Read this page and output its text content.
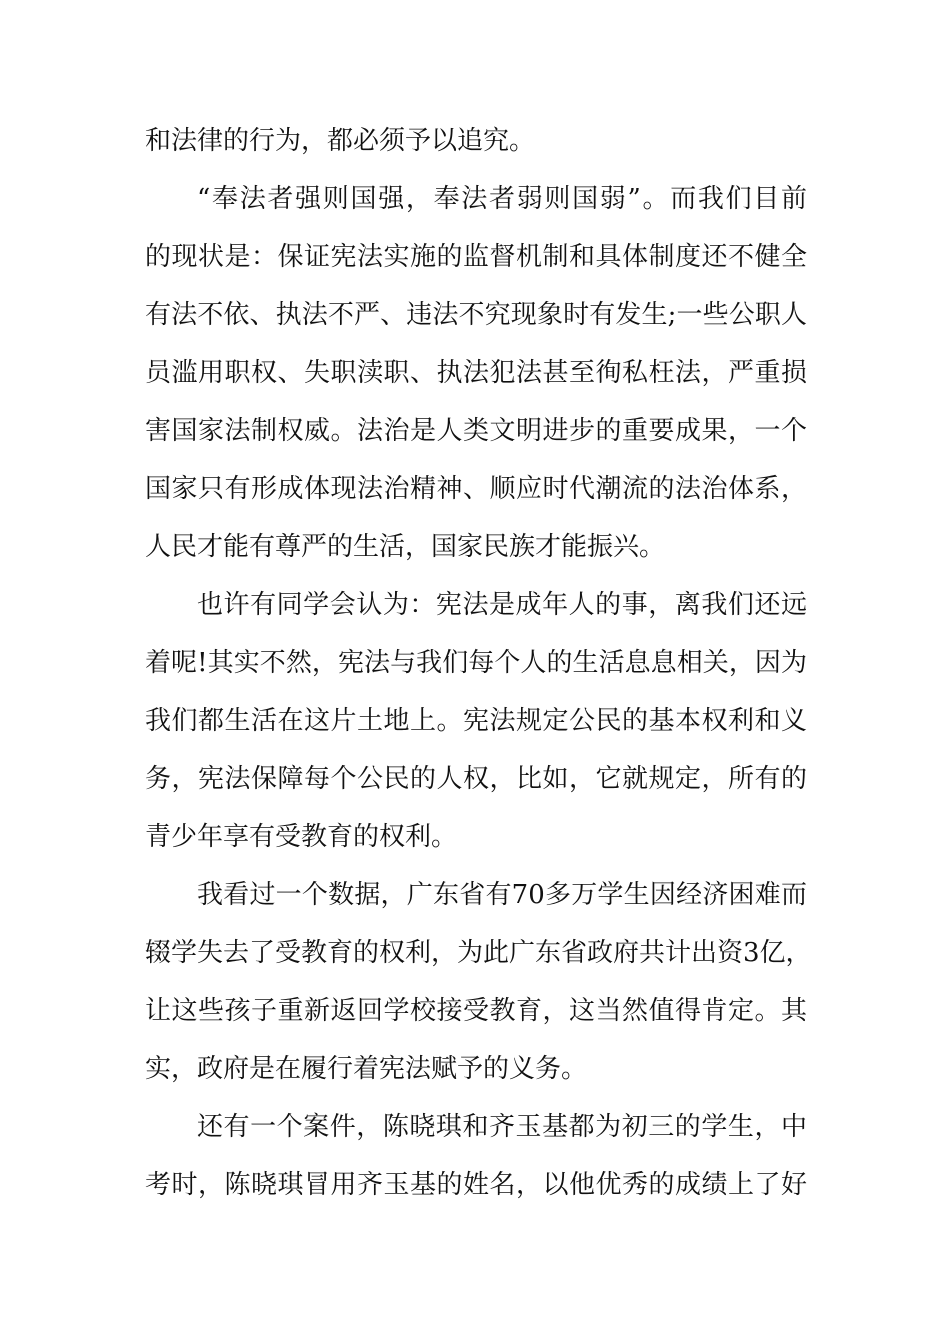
和法律的行为，都必须予以追究。
“奉法者强则国强，奉法者弱则国弱”。而我们目前
的现状是：保证宪法实施的监督机制和具体制度还不健全
有法不依、执法不严、违法不究现象时有发生;一些公职人
员滥用职权、失职渎职、执法犯法甚至徇私枉法，严重损
害国家法制权威。法治是人类文明进步的重要成果，一个
国家只有形成体现法治精神、顺应时代潮流的法治体系，
人民才能有尊严的生活，国家民族才能振兴。
也许有同学会认为：宪法是成年人的事，离我们还远
着呢!其实不然，宪法与我们每个人的生活息息相关，因为
我们都生活在这片土地上。宪法规定公民的基本权利和义
务，宪法保障每个公民的人权，比如，它就规定，所有的
青少年享有受教育的权利。
我看过一个数据，广东省有70多万学生因经济困难而
辍学失去了受教育的权利，为此广东省政府共计出资3亿，
让这些孩子重新返回学校接受教育，这当然值得肯定。其
实，政府是在履行着宪法赋予的义务。
还有一个案件，陈晓琪和齐玉基都为初三的学生，中
考时，陈晓琪冒用齐玉基的姓名，以他优秀的成绩上了好
